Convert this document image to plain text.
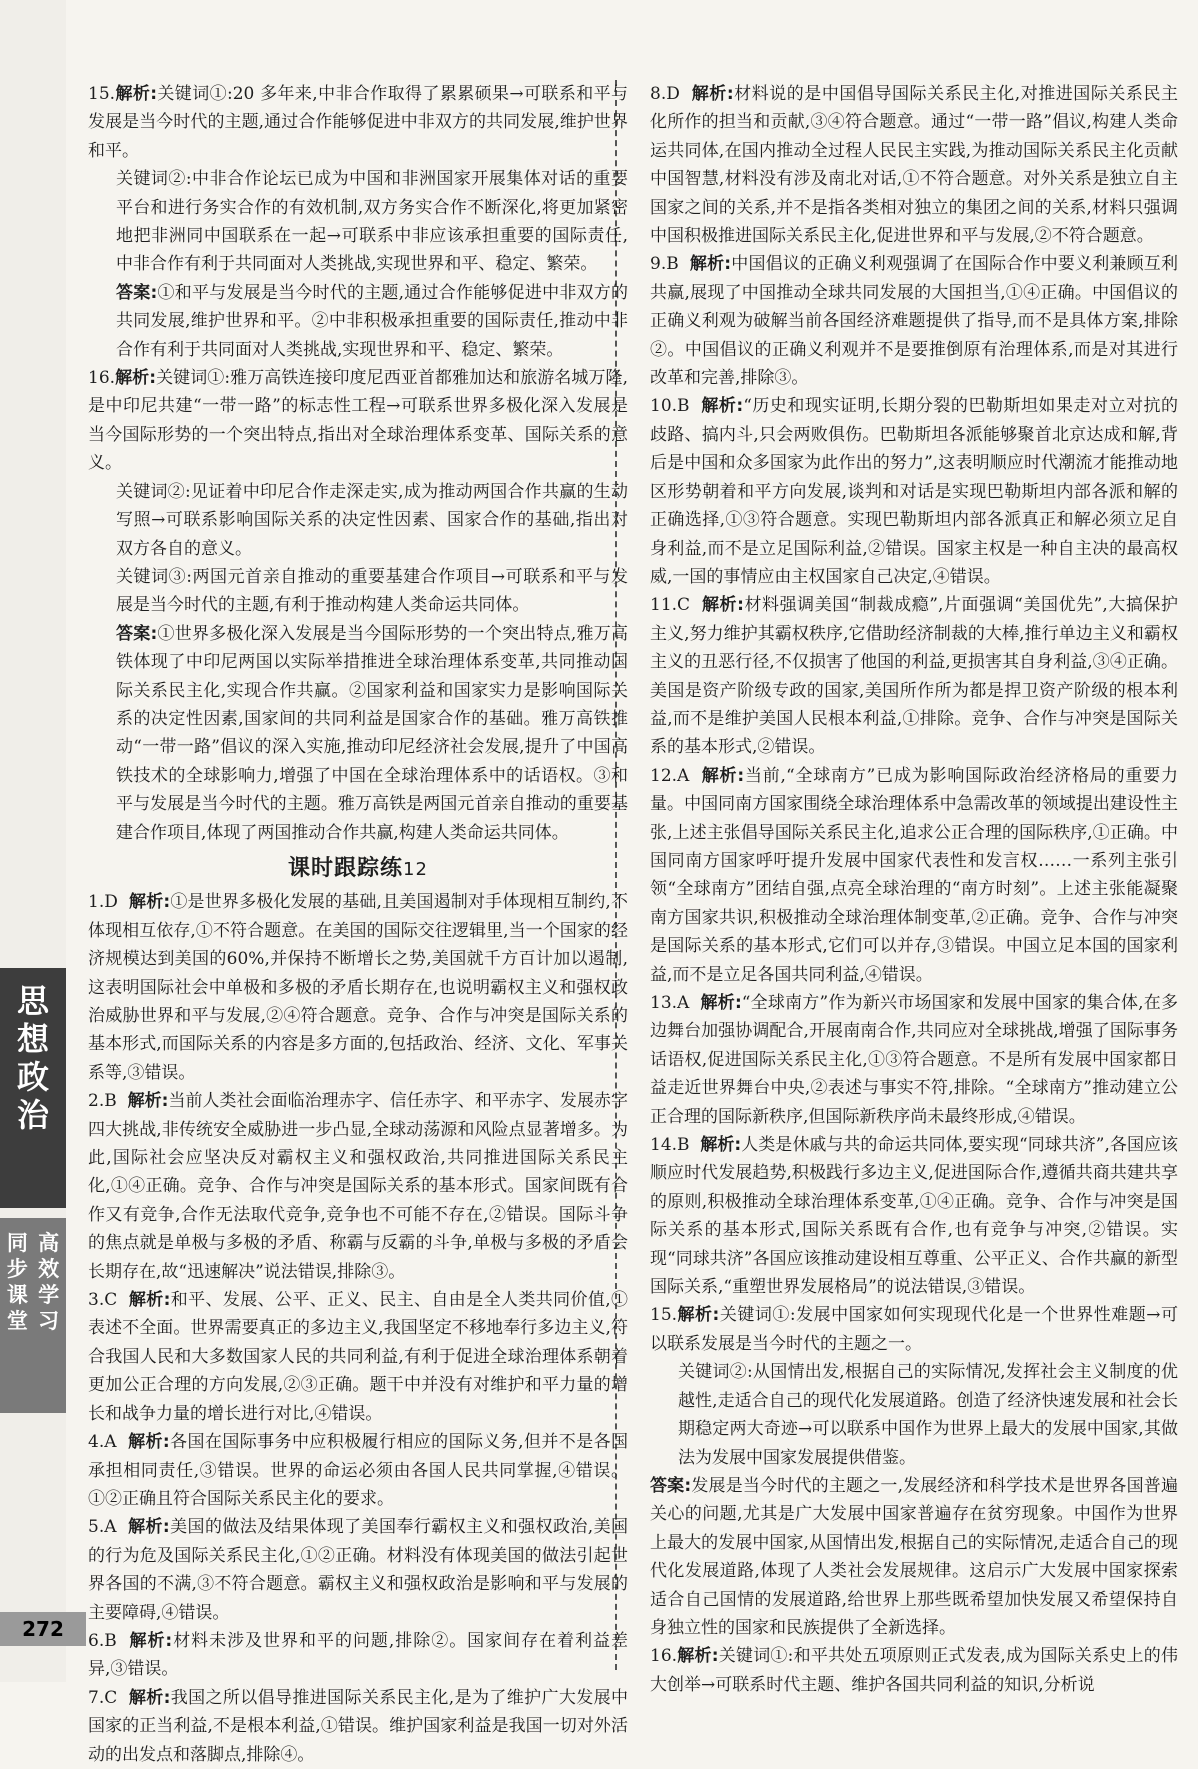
思
想
政
治
同步课堂 高效学习
272

15.解析:关键词①:20 多年来,中非合作取得了累累硕果→可联系和平与发展是当今时代的主题,通过合作能够促进中非双方的共同发展,维护世界和平。

关键词②:中非合作论坛已成为中国和非洲国家开展集体对话的重要平台和进行务实合作的有效机制,双方务实合作不断深化,将更加紧密地把非洲同中国联系在一起→可联系中非应该承担重要的国际责任,中非合作有利于共同面对人类挑战,实现世界和平、稳定、繁荣。

答案:①和平与发展是当今时代的主题,通过合作能够促进中非双方的共同发展,维护世界和平。②中非积极承担重要的国际责任,推动中非合作有利于共同面对人类挑战,实现世界和平、稳定、繁荣。

16.解析:关键词①:雅万高铁连接印度尼西亚首都雅加达和旅游名城万隆,是中印尼共建“一带一路”的标志性工程→可联系世界多极化深入发展是当今国际形势的一个突出特点,指出对全球治理体系变革、国际关系的意义。

关键词②:见证着中印尼合作走深走实,成为推动两国合作共赢的生动写照→可联系影响国际关系的决定性因素、国家合作的基础,指出对双方各自的意义。

关键词③:两国元首亲自推动的重要基建合作项目→可联系和平与发展是当今时代的主题,有利于推动构建人类命运共同体。

答案:①世界多极化深入发展是当今国际形势的一个突出特点,雅万高铁体现了中印尼两国以实际举措推进全球治理体系变革,共同推动国际关系民主化,实现合作共赢。②国家利益和国家实力是影响国际关系的决定性因素,国家间的共同利益是国家合作的基础。雅万高铁推动“一带一路”倡议的深入实施,推动印尼经济社会发展,提升了中国高铁技术的全球影响力,增强了中国在全球治理体系中的话语权。③和平与发展是当今时代的主题。雅万高铁是两国元首亲自推动的重要基建合作项目,体现了两国推动合作共赢,构建人类命运共同体。

课时跟踪练12

1.D 解析:①是世界多极化发展的基础,且美国遏制对手体现相互制约,不体现相互依存,①不符合题意。在美国的国际交往逻辑里,当一个国家的经济规模达到美国的60%,并保持不断增长之势,美国就千方百计加以遏制,这表明国际社会中单极和多极的矛盾长期存在,也说明霸权主义和强权政治威胁世界和平与发展,②④符合题意。竞争、合作与冲突是国际关系的基本形式,而国际关系的内容是多方面的,包括政治、经济、文化、军事关系等,③错误。

2.B 解析:当前人类社会面临治理赤字、信任赤字、和平赤字、发展赤字四大挑战,非传统安全威胁进一步凸显,全球动荡源和风险点显著增多。为此,国际社会应坚决反对霸权主义和强权政治,共同推进国际关系民主化,①④正确。竞争、合作与冲突是国际关系的基本形式。国家间既有合作又有竞争,合作无法取代竞争,竞争也不可能不存在,②错误。国际斗争的焦点就是单极与多极的矛盾、称霸与反霸的斗争,单极与多极的矛盾会长期存在,故“迅速解决”说法错误,排除③。

3.C 解析:和平、发展、公平、正义、民主、自由是全人类共同价值,①表述不全面。世界需要真正的多边主义,我国坚定不移地奉行多边主义,符合我国人民和大多数国家人民的共同利益,有利于促进全球治理体系朝着更加公正合理的方向发展,②③正确。题干中并没有对维护和平力量的增长和战争力量的增长进行对比,④错误。

4.A 解析:各国在国际事务中应积极履行相应的国际义务,但并不是各国承担相同责任,③错误。世界的命运必须由各国人民共同掌握,④错误。①②正确且符合国际关系民主化的要求。

5.A 解析:美国的做法及结果体现了美国奉行霸权主义和强权政治,美国的行为危及国际关系民主化,①②正确。材料没有体现美国的做法引起世界各国的不满,③不符合题意。霸权主义和强权政治是影响和平与发展的主要障碍,④错误。

6.B 解析:材料未涉及世界和平的问题,排除②。国家间存在着利益差异,③错误。

7.C 解析:我国之所以倡导推进国际关系民主化,是为了维护广大发展中国家的正当利益,不是根本利益,①错误。维护国家利益是我国一切对外活动的出发点和落脚点,排除④。

8.D 解析:材料说的是中国倡导国际关系民主化,对推进国际关系民主化所作的担当和贡献,③④符合题意。通过“一带一路”倡议,构建人类命运共同体,在国内推动全过程人民民主实践,为推动国际关系民主化贡献中国智慧,材料没有涉及南北对话,①不符合题意。对外关系是独立自主国家之间的关系,并不是指各类相对独立的集团之间的关系,材料只强调中国积极推进国际关系民主化,促进世界和平与发展,②不符合题意。

9.B 解析:中国倡议的正确义利观强调了在国际合作中要义利兼顾互利共赢,展现了中国推动全球共同发展的大国担当,①④正确。中国倡议的正确义利观为破解当前各国经济难题提供了指导,而不是具体方案,排除②。中国倡议的正确义利观并不是要推倒原有治理体系,而是对其进行改革和完善,排除③。

10.B 解析:“历史和现实证明,长期分裂的巴勒斯坦如果走对立对抗的歧路、搞内斗,只会两败俱伤。巴勒斯坦各派能够聚首北京达成和解,背后是中国和众多国家为此作出的努力”,这表明顺应时代潮流才能推动地区形势朝着和平方向发展,谈判和对话是实现巴勒斯坦内部各派和解的正确选择,①③符合题意。实现巴勒斯坦内部各派真正和解必须立足自身利益,而不是立足国际利益,②错误。国家主权是一种自主决的最高权威,一国的事情应由主权国家自己决定,④错误。

11.C 解析:材料强调美国“制裁成瘾”,片面强调“美国优先”,大搞保护主义,努力维护其霸权秩序,它借助经济制裁的大棒,推行单边主义和霸权主义的丑恶行径,不仅损害了他国的利益,更损害其自身利益,③④正确。美国是资产阶级专政的国家,美国所作所为都是捍卫资产阶级的根本利益,而不是维护美国人民根本利益,①排除。竞争、合作与冲突是国际关系的基本形式,②错误。

12.A 解析:当前,“全球南方”已成为影响国际政治经济格局的重要力量。中国同南方国家围绕全球治理体系中急需改革的领域提出建设性主张,上述主张倡导国际关系民主化,追求公正合理的国际秩序,①正确。中国同南方国家呼吁提升发展中国家代表性和发言权……一系列主张引领“全球南方”团结自强,点亮全球治理的“南方时刻”。上述主张能凝聚南方国家共识,积极推动全球治理体制变革,②正确。竞争、合作与冲突是国际关系的基本形式,它们可以并存,③错误。中国立足本国的国家利益,而不是立足各国共同利益,④错误。

13.A 解析:“全球南方”作为新兴市场国家和发展中国家的集合体,在多边舞台加强协调配合,开展南南合作,共同应对全球挑战,增强了国际事务话语权,促进国际关系民主化,①③符合题意。不是所有发展中国家都日益走近世界舞台中央,②表述与事实不符,排除。“全球南方”推动建立公正合理的国际新秩序,但国际新秩序尚未最终形成,④错误。

14.B 解析:人类是休戚与共的命运共同体,要实现“同球共济”,各国应该顺应时代发展趋势,积极践行多边主义,促进国际合作,遵循共商共建共享的原则,积极推动全球治理体系变革,①④正确。竞争、合作与冲突是国际关系的基本形式,国际关系既有合作,也有竞争与冲突,②错误。实现“同球共济”各国应该推动建设相互尊重、公平正义、合作共赢的新型国际关系,“重塑世界发展格局”的说法错误,③错误。

15.解析:关键词①:发展中国家如何实现现代化是一个世界性难题→可以联系发展是当今时代的主题之一。

关键词②:从国情出发,根据自己的实际情况,发挥社会主义制度的优越性,走适合自己的现代化发展道路。创造了经济快速发展和社会长期稳定两大奇迹→可以联系中国作为世界上最大的发展中国家,其做法为发展中国家发展提供借鉴。

答案:发展是当今时代的主题之一,发展经济和科学技术是世界各国普遍关心的问题,尤其是广大发展中国家普遍存在贫穷现象。中国作为世界上最大的发展中国家,从国情出发,根据自己的实际情况,走适合自己的现代化发展道路,体现了人类社会发展规律。这启示广大发展中国家探索适合自己国情的发展道路,给世界上那些既希望加快发展又希望保持自身独立性的国家和民族提供了全新选择。

16.解析:关键词①:和平共处五项原则正式发表,成为国际关系史上的伟大创举→可联系时代主题、维护各国共同利益的知识,分析说
